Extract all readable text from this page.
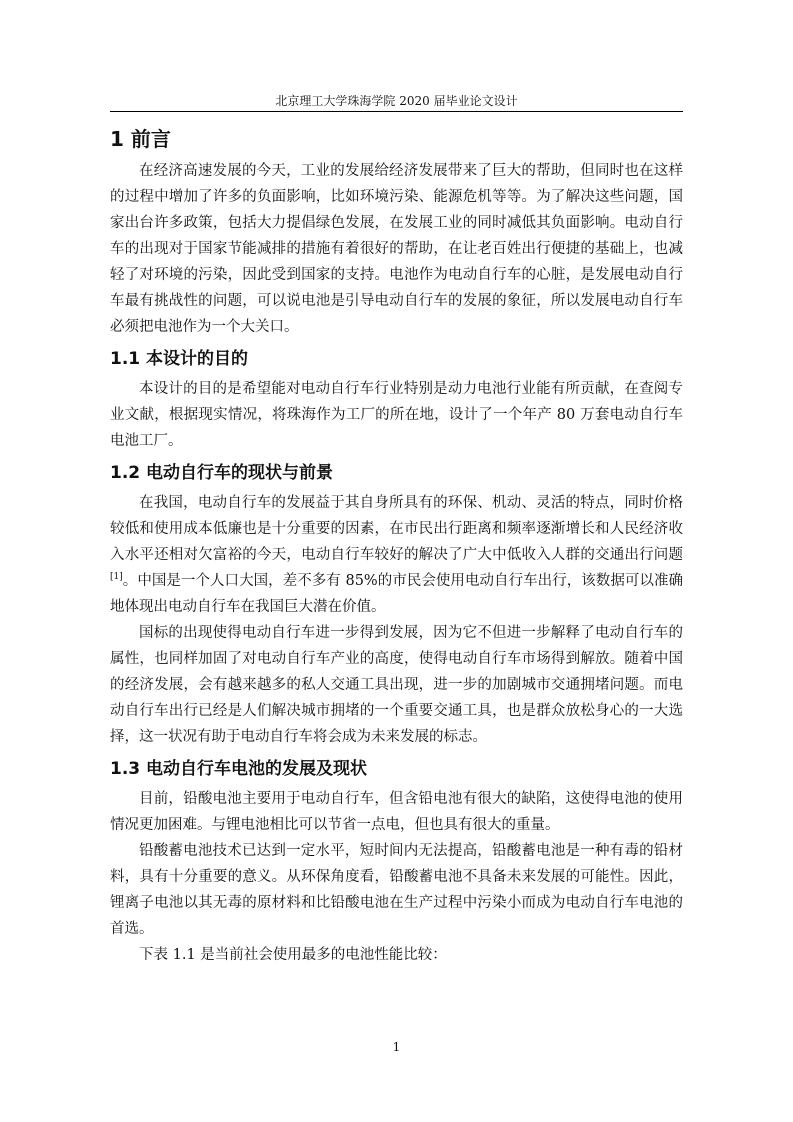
北京理工大学珠海学院 2020 届毕业论文设计
1 前言

在经济高速发展的今天，工业的发展给经济发展带来了巨大的帮助，但同时也在这样的过程中增加了许多的负面影响，比如环境污染、能源危机等等。为了解决这些问题，国家出台许多政策，包括大力提倡绿色发展，在发展工业的同时减低其负面影响。电动自行车的出现对于国家节能减排的措施有着很好的帮助，在让老百姓出行便捷的基础上，也减轻了对环境的污染，因此受到国家的支持。电池作为电动自行车的心脏，是发展电动自行车最有挑战性的问题，可以说电池是引导电动自行车的发展的象征，所以发展电动自行车必须把电池作为一个大关口。

1.1 本设计的目的

本设计的目的是希望能对电动自行车行业特别是动力电池行业能有所贡献，在查阅专业文献，根据现实情况，将珠海作为工厂的所在地，设计了一个年产 80 万套电动自行车电池工厂。

1.2 电动自行车的现状与前景

在我国，电动自行车的发展益于其自身所具有的环保、机动、灵活的特点，同时价格较低和使用成本低廉也是十分重要的因素，在市民出行距离和频率逐渐增长和人民经济收入水平还相对欠富裕的今天，电动自行车较好的解决了广大中低收入人群的交通出行问题[1]。中国是一个人口大国，差不多有 85%的市民会使用电动自行车出行，该数据可以准确地体现出电动自行车在我国巨大潜在价值。

国标的出现使得电动自行车进一步得到发展，因为它不但进一步解释了电动自行车的属性，也同样加固了对电动自行车产业的高度，使得电动自行车市场得到解放。随着中国的经济发展，会有越来越多的私人交通工具出现，进一步的加剧城市交通拥堵问题。而电动自行车出行已经是人们解决城市拥堵的一个重要交通工具，也是群众放松身心的一大选择，这一状况有助于电动自行车将会成为未来发展的标志。

1.3 电动自行车电池的发展及现状

目前，铅酸电池主要用于电动自行车，但含铅电池有很大的缺陷，这使得电池的使用情况更加困难。与锂电池相比可以节省一点电，但也具有很大的重量。

铅酸蓄电池技术已达到一定水平，短时间内无法提高，铅酸蓄电池是一种有毒的铅材料，具有十分重要的意义。从环保角度看，铅酸蓄电池不具备未来发展的可能性。因此，锂离子电池以其无毒的原材料和比铅酸电池在生产过程中污染小而成为电动自行车电池的首选。

下表 1.1 是当前社会使用最多的电池性能比较：

1
